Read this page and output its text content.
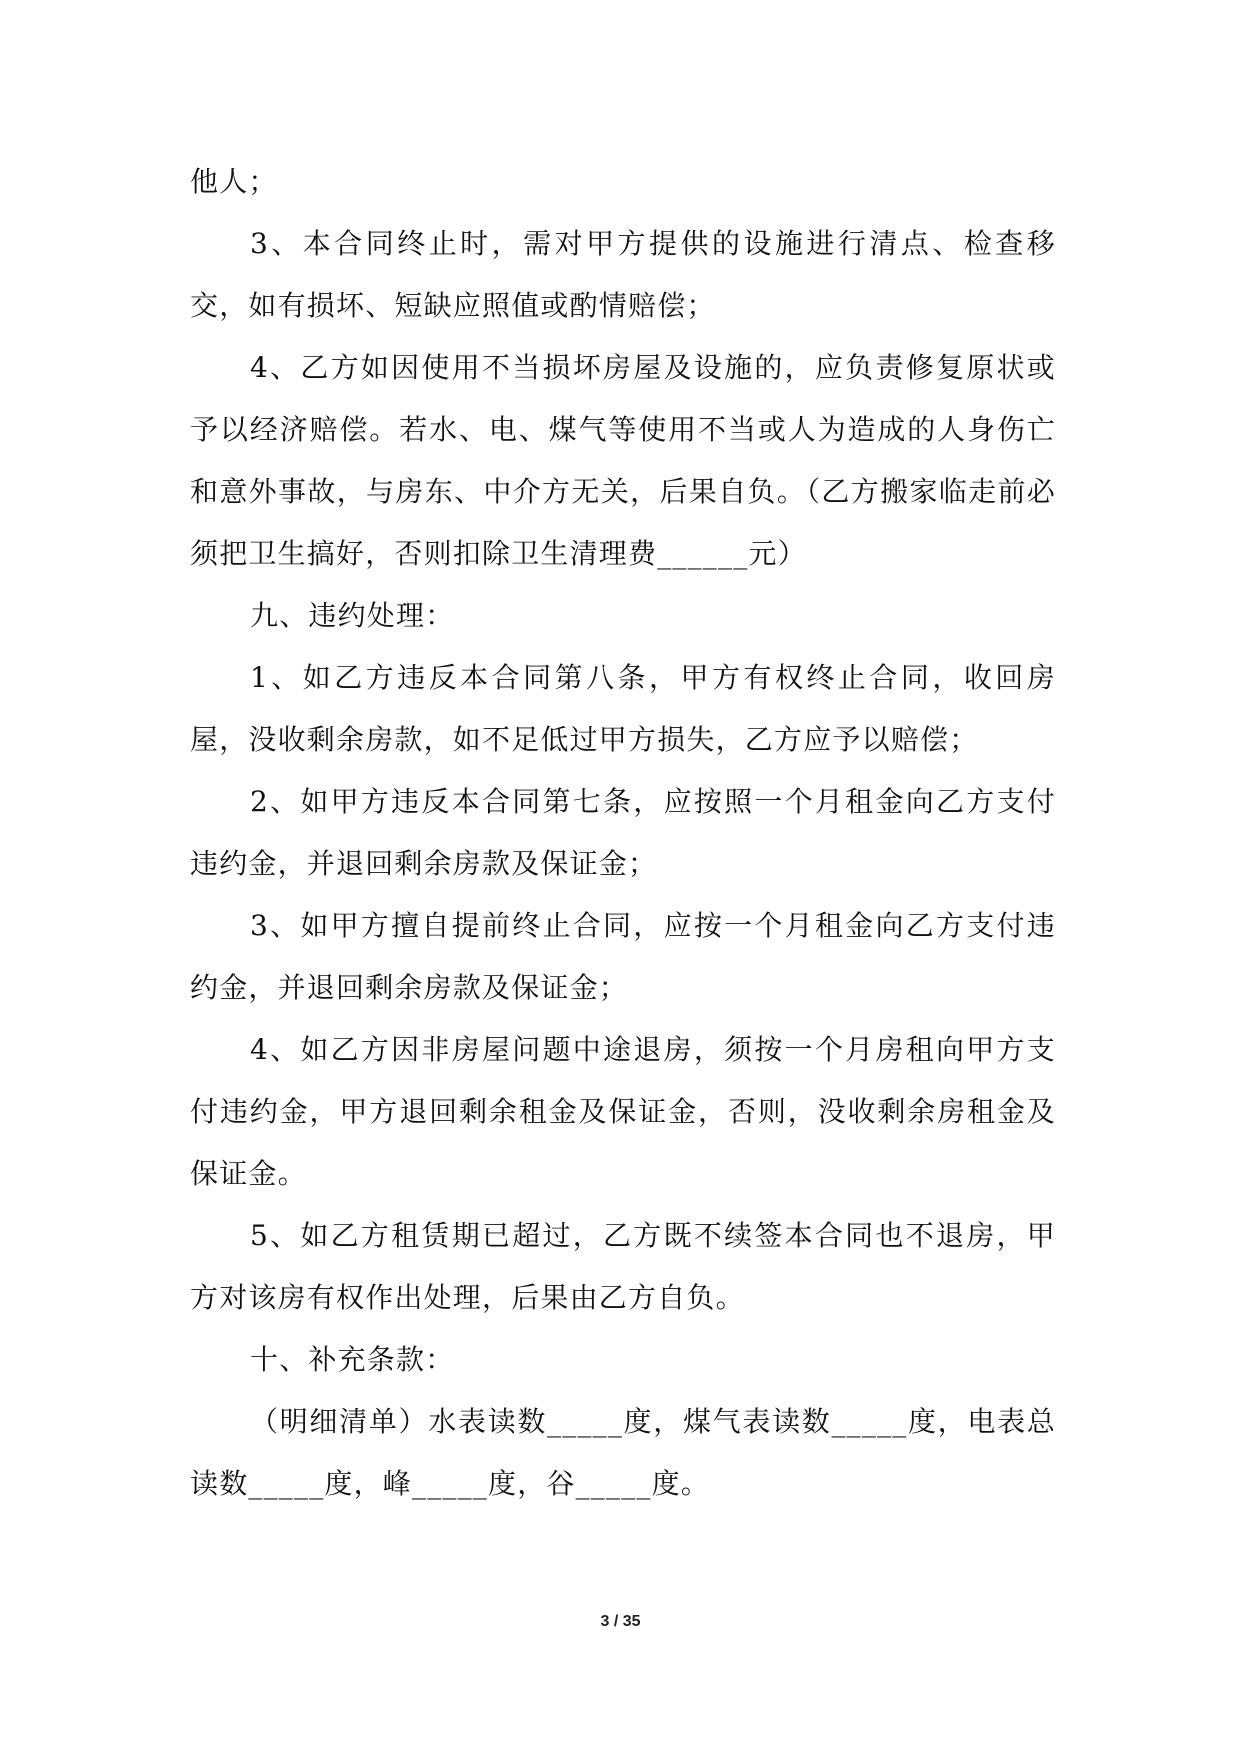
他人；

3、本合同终止时，需对甲方提供的设施进行清点、检查移交，如有损坏、短缺应照值或酌情赔偿；

4、乙方如因使用不当损坏房屋及设施的，应负责修复原状或予以经济赔偿。若水、电、煤气等使用不当或人为造成的人身伤亡和意外事故，与房东、中介方无关，后果自负。（乙方搬家临走前必须把卫生搞好，否则扣除卫生清理费______元）

九、违约处理：

1、如乙方违反本合同第八条，甲方有权终止合同，收回房屋，没收剩余房款，如不足低过甲方损失，乙方应予以赔偿；

2、如甲方违反本合同第七条，应按照一个月租金向乙方支付违约金，并退回剩余房款及保证金；

3、如甲方擅自提前终止合同，应按一个月租金向乙方支付违约金，并退回剩余房款及保证金；

4、如乙方因非房屋问题中途退房，须按一个月房租向甲方支付违约金，甲方退回剩余租金及保证金，否则，没收剩余房租金及保证金。

5、如乙方租赁期已超过，乙方既不续签本合同也不退房，甲方对该房有权作出处理，后果由乙方自负。

十、补充条款：

（明细清单）水表读数_____度，煤气表读数_____度，电表总读数_____度，峰_____度，谷_____度。

3 / 35
